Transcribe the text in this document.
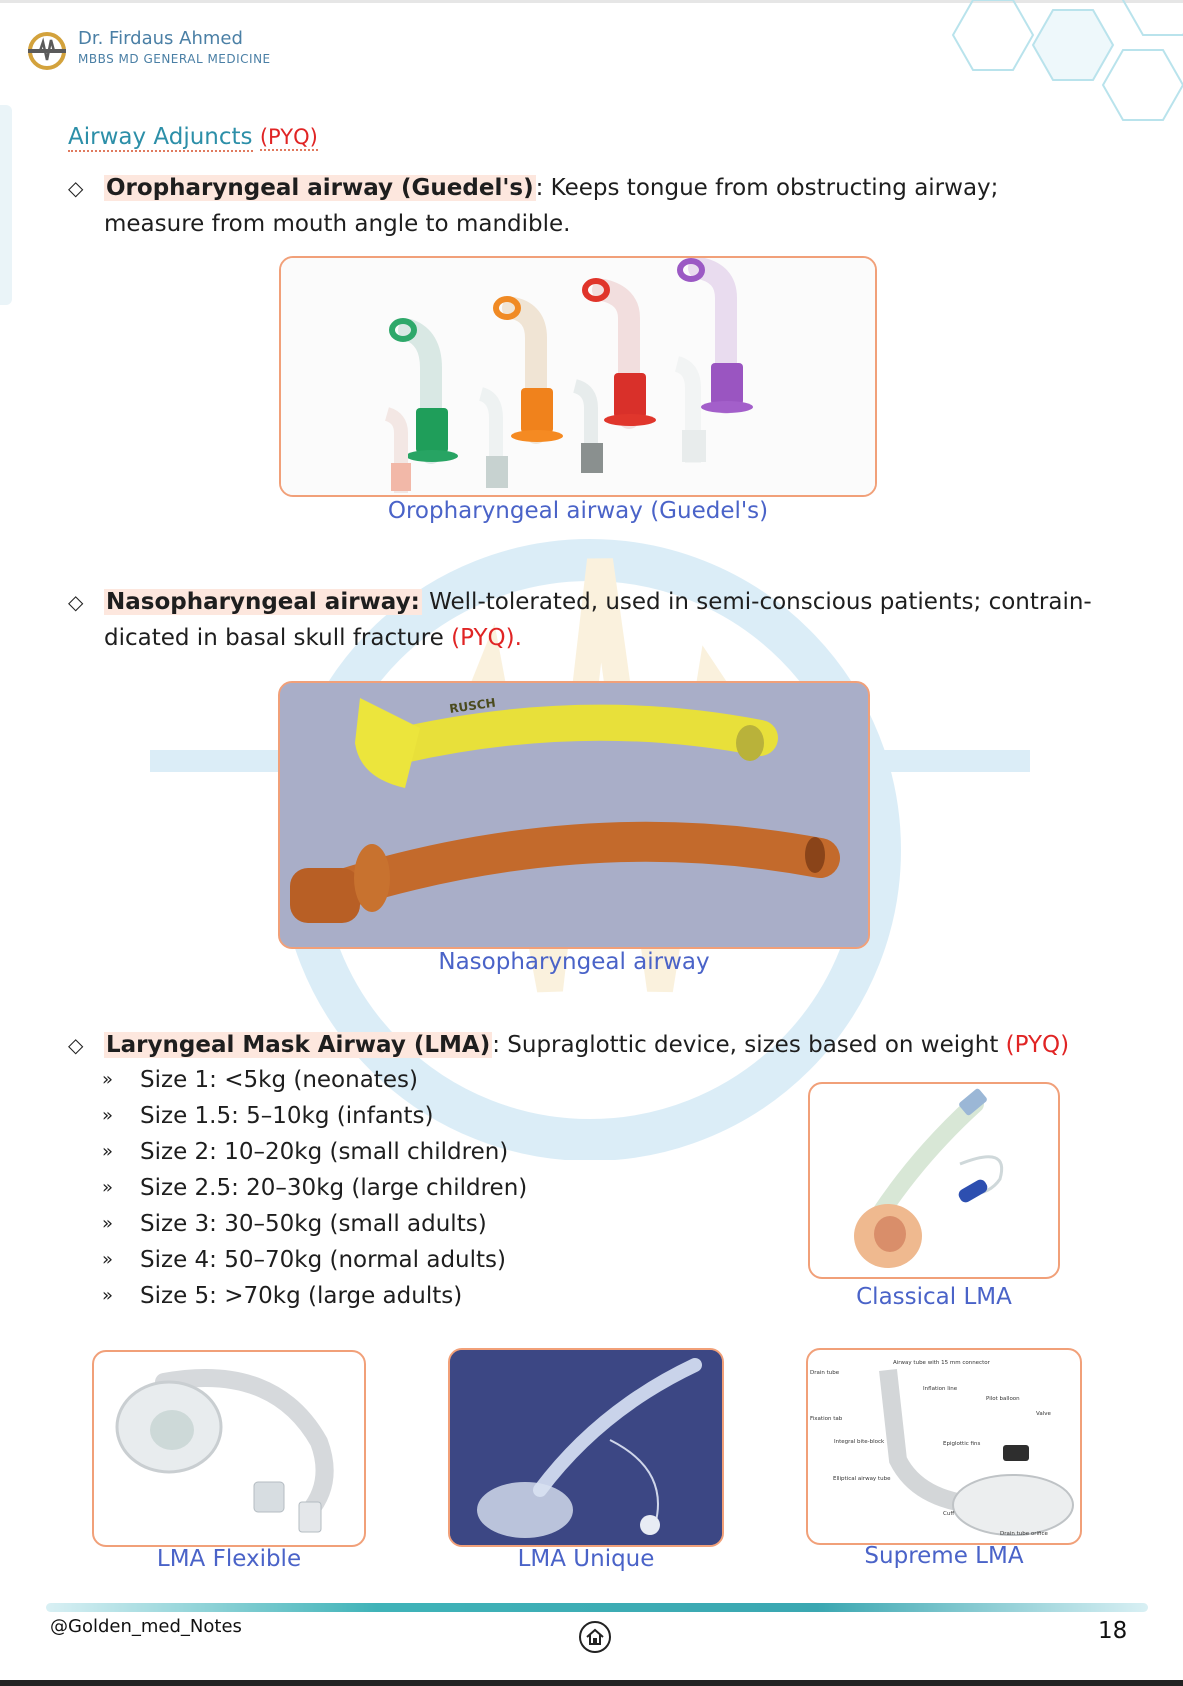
Dr. Firdaus Ahmed
MBBS MD GENERAL MEDICINE
Airway Adjuncts (PYQ)
◇ Oropharyngeal airway (Guedel's): Keeps tongue from obstructing airway; measure from mouth angle to mandible.
Oropharyngeal airway (Guedel's)
◇ Nasopharyngeal airway: Well-tolerated, used in semi-conscious patients; contrain-dicated in basal skull fracture (PYQ).
RUSCH
Nasopharyngeal airway
◇ Laryngeal Mask Airway (LMA): Supraglottic device, sizes based on weight (PYQ)
» Size 1: <5kg (neonates)
» Size 1.5: 5–10kg (infants)
» Size 2: 10–20kg (small children)
» Size 2.5: 20–30kg (large children)
» Size 3: 30–50kg (small adults)
» Size 4: 50–70kg (normal adults)
» Size 5: >70kg (large adults)	Classical LMA
LMA Flexible	LMA Unique
Airway tube with 15 mm connector
Drain tube
Inflation line
Pilot balloon
Valve
Fixation tab
Integral bite-block	Epiglottic fins
Elliptical airway tube
Cuff
Drain tube orifice
Supreme LMA
@Golden_med_Notes	18
